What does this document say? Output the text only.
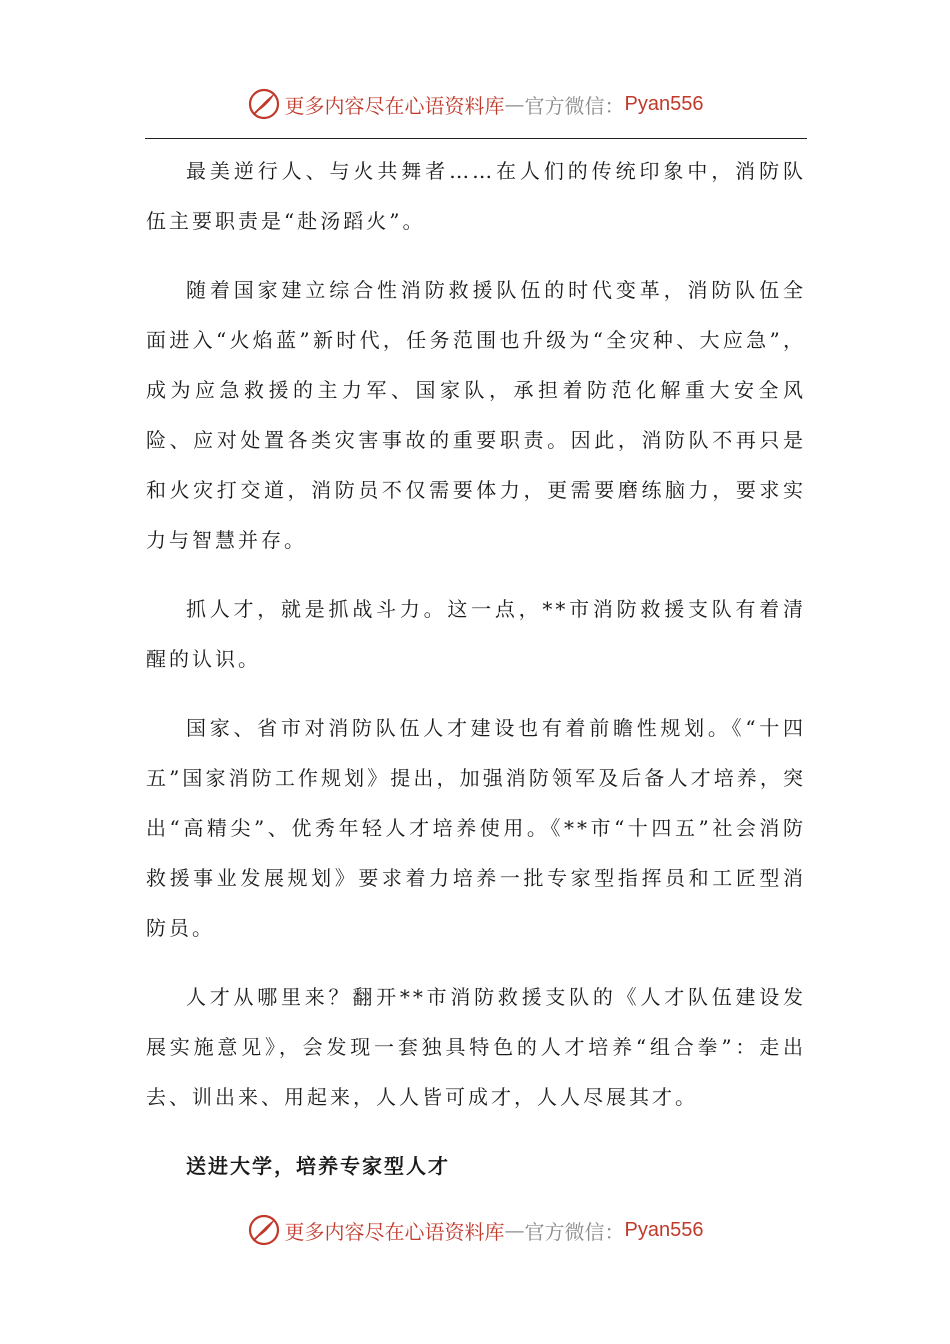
更多内容尽在心语资料库 — 官方微信： Pyan556

最美逆行人、与火共舞者……在人们的传统印象中，消防队伍主要职责是“赴汤蹈火”。

随着国家建立综合性消防救援队伍的时代变革，消防队伍全面进入“火焰蓝”新时代，任务范围也升级为“全灾种、大应急”，成为应急救援的主力军、国家队，承担着防范化解重大安全风险、应对处置各类灾害事故的重要职责。因此，消防队不再只是和火灾打交道，消防员不仅需要体力，更需要磨练脑力，要求实力与智慧并存。

抓人才，就是抓战斗力。这一点，**市消防救援支队有着清醒的认识。

国家、省市对消防队伍人才建设也有着前瞻性规划。《“十四五”国家消防工作规划》提出，加强消防领军及后备人才培养，突出“高精尖”、优秀年轻人才培养使用。《**市“十四五”社会消防救援事业发展规划》要求着力培养一批专家型指挥员和工匠型消防员。

人才从哪里来？翻开**市消防救援支队的《人才队伍建设发展实施意见》，会发现一套独具特色的人才培养“组合拳”：走出去、训出来、用起来，人人皆可成才，人人尽展其才。

送进大学，培养专家型人才

更多内容尽在心语资料库 — 官方微信： Pyan556
